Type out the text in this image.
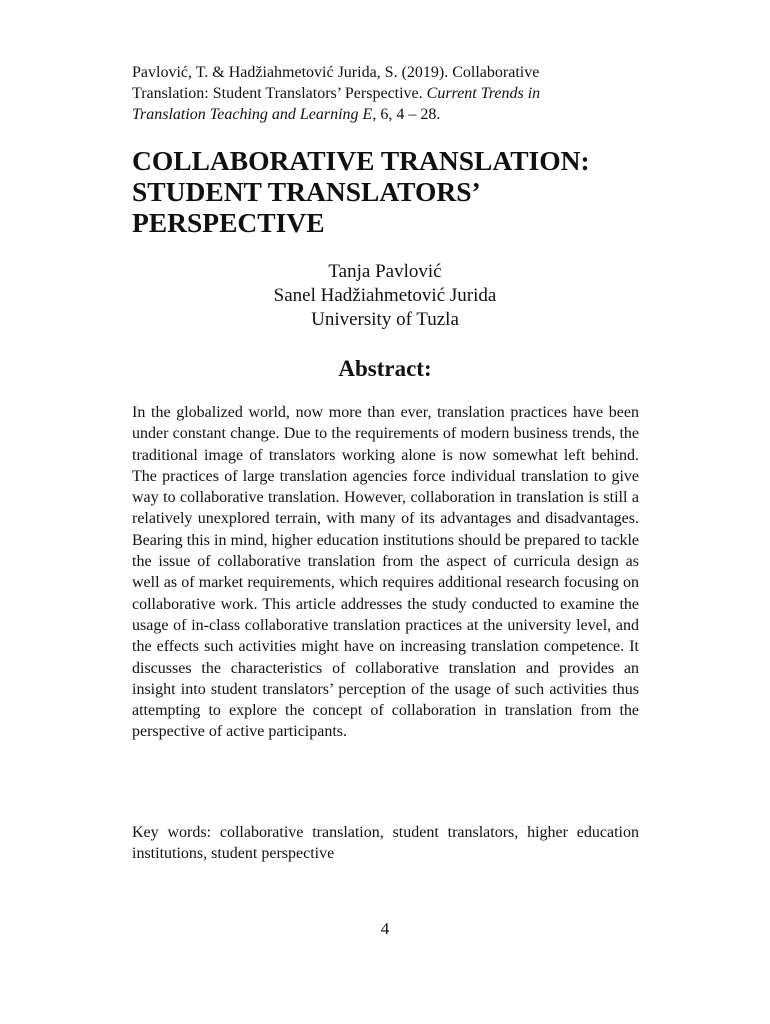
Pavlović, T. & Hadžiahmetović Jurida, S. (2019). Collaborative
Translation: Student Translators’ Perspective. Current Trends in
Translation Teaching and Learning E, 6, 4 – 28.
COLLABORATIVE TRANSLATION:
STUDENT TRANSLATORS’
PERSPECTIVE
Tanja Pavlović
Sanel Hadžiahmetović Jurida
University of Tuzla
Abstract:

In the globalized world, now more than ever, translation practices have been under constant change. Due to the requirements of modern business trends, the traditional image of translators working alone is now somewhat left behind. The practices of large translation agencies force individual translation to give way to collaborative translation. However, collaboration in translation is still a relatively unexplored terrain, with many of its advantages and disadvantages. Bearing this in mind, higher education institutions should be prepared to tackle the issue of collaborative translation from the aspect of curricula design as well as of market requirements, which requires additional research focusing on collaborative work. This article addresses the study conducted to examine the usage of in-class collaborative translation practices at the university level, and the effects such activities might have on increasing translation competence. It discusses the characteristics of collaborative translation and provides an insight into student translators’ perception of the usage of such activities thus attempting to explore the concept of collaboration in translation from the perspective of active participants.

Key words: collaborative translation, student translators, higher education institutions, student perspective

4
